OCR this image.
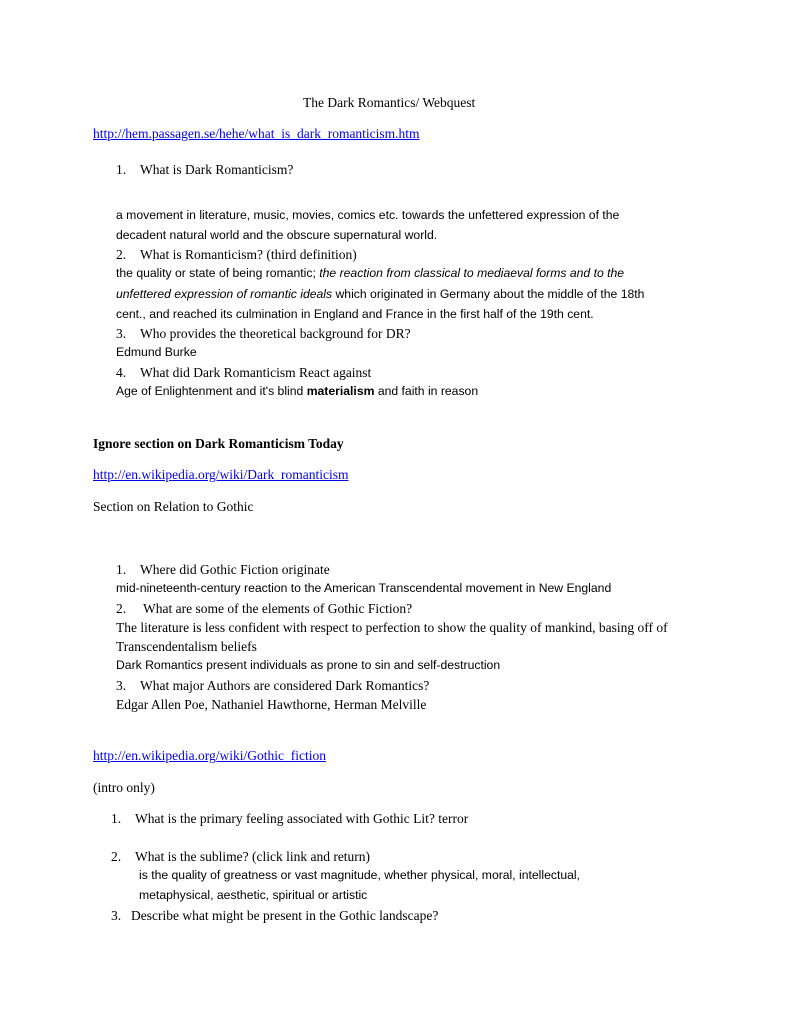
The Dark Romantics/ Webquest
http://hem.passagen.se/hehe/what_is_dark_romanticism.htm
1. What is Dark Romanticism?
a movement in literature, music, movies, comics etc. towards the unfettered expression of the
decadent natural world and the obscure supernatural world.
2. What is Romanticism? (third definition)
the quality or state of being romantic; the reaction from classical to mediaeval forms and to the
unfettered expression of romantic ideals which originated in Germany about the middle of the 18th
cent., and reached its culmination in England and France in the first half of the 19th cent.
3. Who provides the theoretical background for DR?
Edmund Burke
4. What did Dark Romanticism React against
Age of Enlightenment and it's blind materialism and faith in reason
Ignore section on Dark Romanticism Today
http://en.wikipedia.org/wiki/Dark_romanticism
Section on Relation to Gothic
1. Where did Gothic Fiction originate
mid-nineteenth-century reaction to the American Transcendental movement in New England
2. What are some of the elements of Gothic Fiction?
The literature is less confident with respect to perfection to show the quality of mankind, basing off of
Transcendentalism beliefs
Dark Romantics present individuals as prone to sin and self-destruction
3. What major Authors are considered Dark Romantics?
Edgar Allen Poe, Nathaniel Hawthorne, Herman Melville
http://en.wikipedia.org/wiki/Gothic_fiction
(intro only)
1. What is the primary feeling associated with Gothic Lit? terror
2. What is the sublime? (click link and return)
is the quality of greatness or vast magnitude, whether physical, moral, intellectual,
metaphysical, aesthetic, spiritual or artistic
3. Describe what might be present in the Gothic landscape?
